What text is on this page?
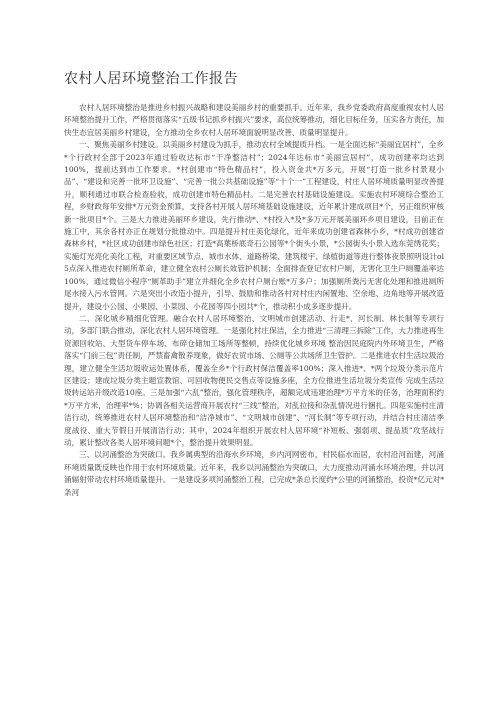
农村人居环境整治工作报告

农村人居环境整治是推进乡村振兴战略和建设美丽乡村的重要抓手。近年来，我乡党委政府高度重视农村人居环境整治提升工作，严格贯彻落实“五级书记抓乡村振兴”要求，高位统筹推动，细化目标任务，压实各方责任，加快生态宜居美丽乡村建设，全方推动全乡农村人居环境面貌明显改善、质量明显提升。

一、聚焦美丽乡村建设。以美丽乡村建设为抓手，推动农村全域提质升档。一是全面达标“美丽宜居村”，全乡*个行政村全部于2023年通过验收达标市“干净整洁村”；2024年达标市“美丽宜居村”，成功创建率均达到100%，提前达到市工作要求。*村创建市“特色精品村”，投入资金共*万多元，开展“打造一批乡村景观小品”、“建设和完善一批环卫设施”、“完善一批公共基础设施”等“十个一”工程建设，村庄人居环境质量明显改善提升，顺利通过市联合检查验收，成功创建市特色精品村。二是完善农村基础设施建设。实施农村环境综合整治工程，乡财政每年安排*万元资金预算，支持各村开展人居环境基础设施建设，近年累计建成项目*个，另正组织审核新一批项目*个。三是大力推进美丽环乡建设，先行推动*、*村投入*及*多万元开展美丽环乡项目建设，目前正在施工中，其余各村亦正在规划分批推动中。四是提升村庄美化绿化，近年来成功创建省森林小乡，*村成功创建省森林乡村，*社区成功创建市绿色社区；打造*高葉桥底奇石公园等*个街头小景，*公园街头小景入选东莞绣花奖；实施灯光亮化美化工程，对重要区域节点、城市水体、道路桥梁、建筑楼宇、绿植街道等进行整体夜景照明设计ol 5点深入推进农村厕所革命，建立健全农村公厕长效管护机制；全面排查登记农村户厕，无害化卫生户厕覆盖率达100%，通过微信小程序“厕革助手”建立并细化全乡农村户厕台账*万多户；加强厕所粪污无害化处理和推进厕所尾水接入污水管网。六是突出小改造小提升，引导、鼓励和推动各村对村庄内闲置地、空余地、边角地等开展改造提升，建设小公园、小果园、小菜园、小花园等四小园共*个，推动积小成多逐步提升。

二、深化城乡精细化管理。融合农村人居环境整治、文明城市创建活动、行走*、河长制、林长制等专项行动，多部门联合推动，深化农村人居环境管理。一是强化村庄保洁，全力推进“三清理三拆除”工作，大力推进再生资源回收站、大型货车停车场、布碎仓储加工场所等整顿，持续优化城乡环境 整治因民庭院内外环境卫生，严格落实“门前三包”责任制，严禁畜禽散养现象，做好农贸市场、公厕等公共场所卫生管护。二是推进农村生活垃圾治理，建立健全生活垃圾收运处置体系，覆盖全乡*个行政村保洁覆盖率100%；深入推进*、*两个垃圾分类示范片区建设；建成垃圾分类主题宣教馆、可回收物便民交售点等设施多座，全方位推进生活垃圾分类宣传 完成生活垃圾转运站升级改造10座。三是加强“六乱”整治，强化管理秩序，超额完成违建治理*万平方米的任务，治理面积约*万平方米，治理率*%；协调各相关运营商开展农村“三线”整治，对乱拉接和杂乱情况进行捆扎。四是实施村庄清洁行动，统筹推进农村人居环境整治和“洁净城市”、“文明城市创建”、“河长制”等专项行动，并结合村庄清洁季度战役、重大节假日开展清洁行动；其中，2024年组织开展农村人居环境“补短板、强弱项、提品质”攻坚战行动，累计整改各类人居环境问题*个，整治提升效果明显。

三、以河涌整治为突破口。我乡属典型的沿海水乡环境，乡内河网密布，村民临水而居，农村沿河而建，河涌环境质量既反映也作用于农村环境质量。近年来，我乡以河涌整治为突破口，大力度推动河涌水环境治理，并以河涌辐射带动农村环境质量提升。一是建设多项河涌整治工程，已完成*条总长度约*公里的河涌整治，投资*亿元对*条河
